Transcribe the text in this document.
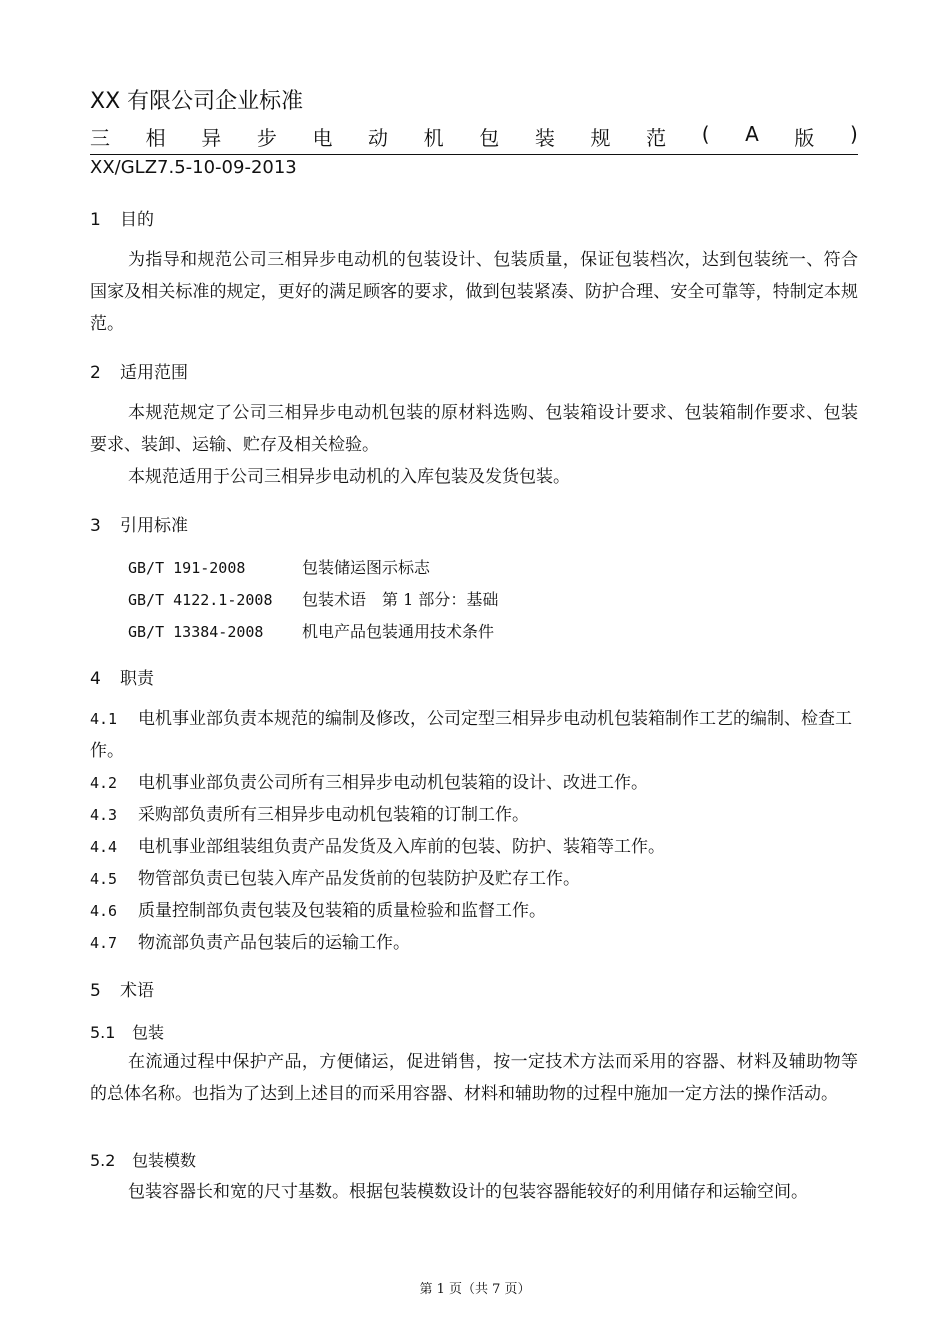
XX 有限公司企业标准
三 相 异 步 电 动 机 包 装 规 范 ( A 版 )
XX/GLZ7.5-10-09-2013
1 目的
为指导和规范公司三相异步电动机的包装设计、包装质量，保证包装档次，达到包装统一、符合国家及相关标准的规定，更好的满足顾客的要求，做到包装紧凑、防护合理、安全可靠等，特制定本规范。
2 适用范围
本规范规定了公司三相异步电动机包装的原材料选购、包装箱设计要求、包装箱制作要求、包装要求、装卸、运输、贮存及相关检验。
本规范适用于公司三相异步电动机的入库包装及发货包装。
3 引用标准
GB/T 191-2008	包装储运图示标志
GB/T 4122.1-2008 包装术语　第 1 部分：基础
GB/T 13384-2008 机电产品包装通用技术条件
4 职责
4.1 电机事业部负责本规范的编制及修改，公司定型三相异步电动机包装箱制作工艺的编制、检查工作。
4.2 电机事业部负责公司所有三相异步电动机包装箱的设计、改进工作。
4.3 采购部负责所有三相异步电动机包装箱的订制工作。
4.4 电机事业部组装组负责产品发货及入库前的包装、防护、装箱等工作。
4.5 物管部负责已包装入库产品发货前的包装防护及贮存工作。
4.6 质量控制部负责包装及包装箱的质量检验和监督工作。
4.7 物流部负责产品包装后的运输工作。
5 术语
5.1 包装
在流通过程中保护产品，方便储运，促进销售，按一定技术方法而采用的容器、材料及辅助物等的总体名称。也指为了达到上述目的而采用容器、材料和辅助物的过程中施加一定方法的操作活动。
5.2 包装模数
包装容器长和宽的尺寸基数。根据包装模数设计的包装容器能较好的利用储存和运输空间。
第 1 页（共 7 页）
